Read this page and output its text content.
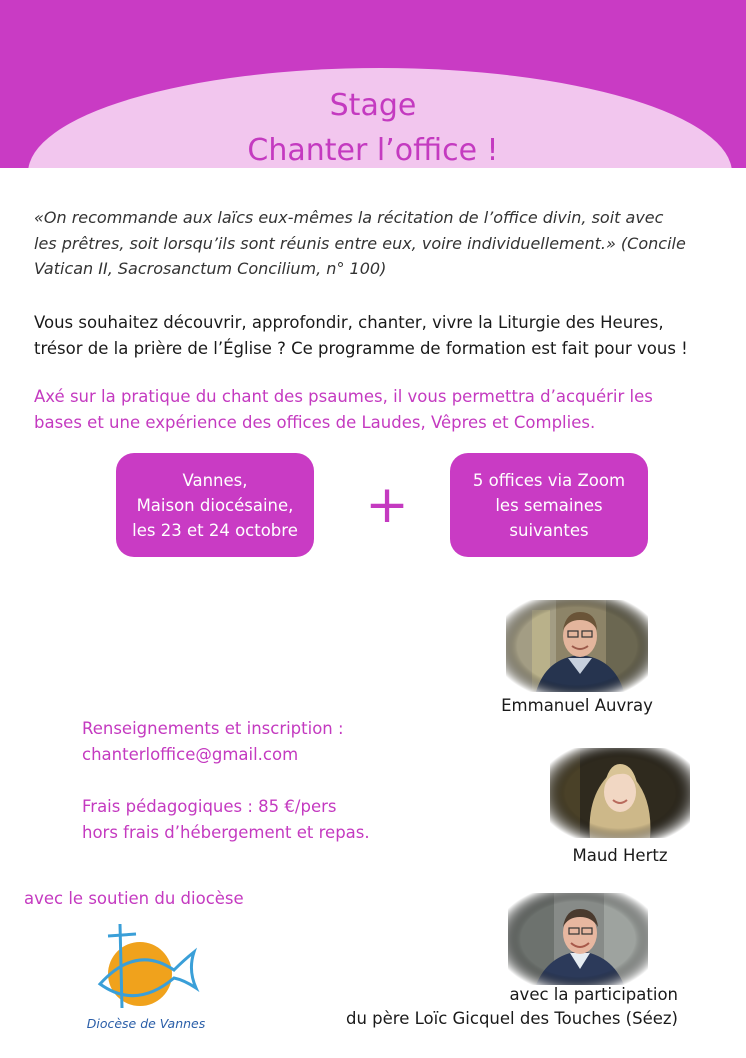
Stage
Chanter l’office !
«On recommande aux laïcs eux-mêmes la récitation de l’office divin, soit avec
les prêtres, soit lorsqu’ils sont réunis entre eux, voire individuellement.» (Concile
Vatican II, Sacrosanctum Concilium, n° 100)
Vous souhaitez découvrir, approfondir, chanter, vivre la Liturgie des Heures,
trésor de la prière de l’Église ? Ce programme de formation est fait pour vous !
Axé sur la pratique du chant des psaumes, il vous permettra d’acquérir les
bases et une expérience des offices de Laudes, Vêpres et Complies.
Vannes,
Maison diocésaine,
les 23 et 24 octobre	+	5 offices via Zoom
les semaines
suivantes
Emmanuel Auvray
Renseignements et inscription :
chanterloffice@gmail.com
Frais pédagogiques : 85 €/pers
hors frais d’hébergement et repas.
Maud Hertz
avec le soutien du diocèse
Diocèse de Vannes
avec la participation
du père Loïc Gicquel des Touches (Séez)
